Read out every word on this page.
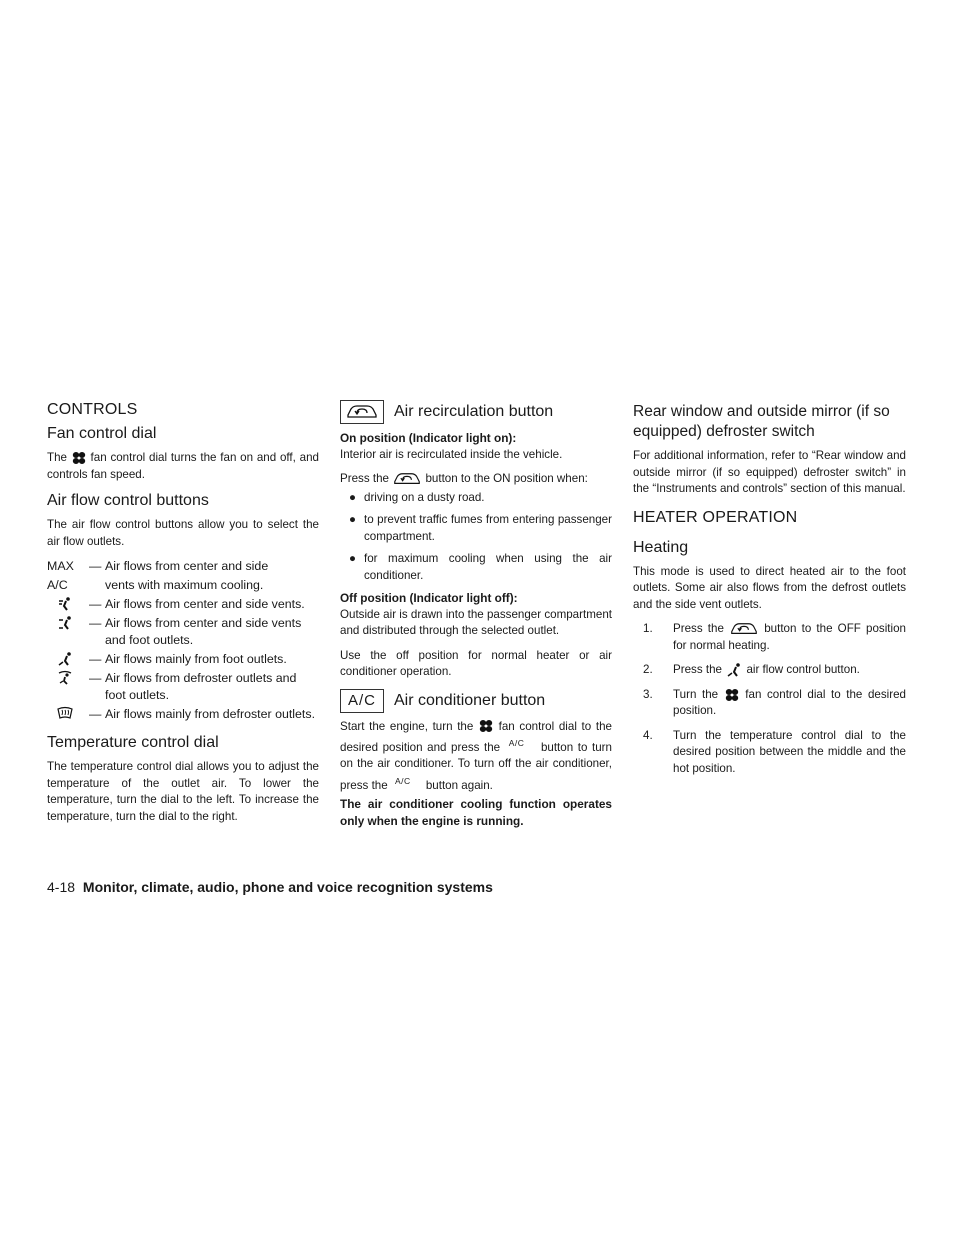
CONTROLS
Fan control dial

The fan control dial turns the fan on and off, and controls fan speed.

Air flow control buttons

The air flow control buttons allow you to select the air flow outlets.

MAX	— Air flows from center and side
A/C	vents with maximum cooling.
— Air flows from center and side vents.
— Air flows from center and side vents and foot outlets.
— Air flows mainly from foot outlets.
— Air flows from defroster outlets and foot outlets.
— Air flows mainly from defroster outlets.
Temperature control dial

The temperature control dial allows you to adjust the temperature of the outlet air. To lower the temperature, turn the dial to the left. To increase the temperature, turn the dial to the right.

Air recirculation button

On position (Indicator light on):

Interior air is recirculated inside the vehicle.

Press the	button to the ON position when:

● driving on a dusty road.
● to prevent traffic fumes from entering passenger compartment.
● for maximum cooling when using the air conditioner.

Off position (Indicator light off):

Outside air is drawn into the passenger compartment and distributed through the selected outlet.

Use the off position for normal heater or air conditioner operation.

A/C Air conditioner button

Start the engine, turn the fan control dial to the desired position and press the $^{A/C}$ button to turn on the air conditioner. To turn off the air conditioner, press the $^{A/C}$ button again.

The air conditioner cooling function operates only when the engine is running.

Rear window and outside mirror (if so equipped) defroster switch

For additional information, refer to “Rear window and outside mirror (if so equipped) defroster switch” in the “Instruments and controls” section of this manual.

HEATER OPERATION
Heating

This mode is used to direct heated air to the foot outlets. Some air also flows from the defrost outlets and the side vent outlets.

1.	Press the	button to the OFF position for normal heating.
2.	Press the air flow control button.
3.	Turn the fan control dial to the desired position.
4.	Turn the temperature control dial to the desired position between the middle and the hot position.
4-18 Monitor, climate, audio, phone and voice recognition systems
